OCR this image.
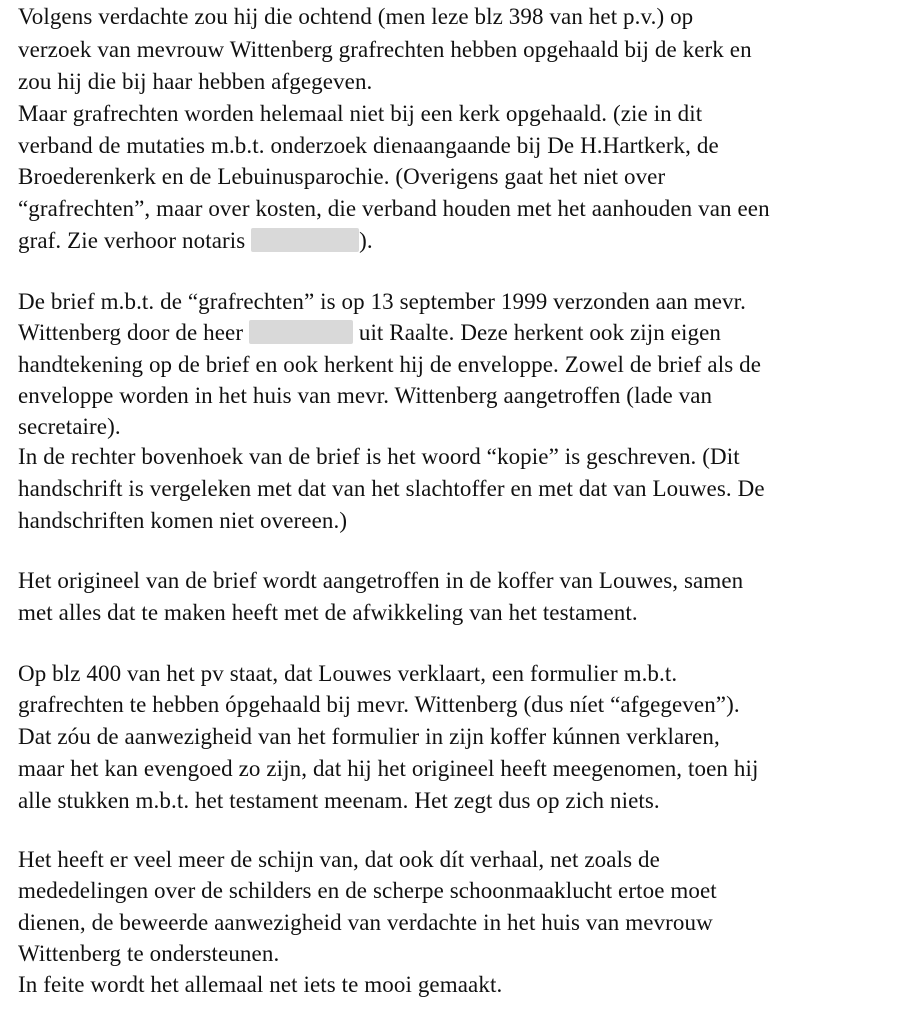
Volgens verdachte zou hij die ochtend (men leze blz 398 van het p.v.) op
verzoek van mevrouw Wittenberg grafrechten hebben opgehaald bij de kerk en
zou hij die bij haar hebben afgegeven.
Maar grafrechten worden helemaal niet bij een kerk opgehaald. (zie in dit
verband de mutaties m.b.t. onderzoek dienaangaande bij De H.Hartkerk, de
Broederenkerk en de Lebuinusparochie. (Overigens gaat het niet over
“grafrechten”, maar over kosten, die verband houden met het aanhouden van een
graf. Zie verhoor notaris	).
De brief m.b.t. de “grafrechten” is op 13 september 1999 verzonden aan mevr.
Wittenberg door de heer	uit Raalte. Deze herkent ook zijn eigen
handtekening op de brief en ook herkent hij de enveloppe. Zowel de brief als de
enveloppe worden in het huis van mevr. Wittenberg aangetroffen (lade van
secretaire).
In de rechter bovenhoek van de brief is het woord “kopie” is geschreven. (Dit
handschrift is vergeleken met dat van het slachtoffer en met dat van Louwes. De
handschriften komen niet overeen.)
Het origineel van de brief wordt aangetroffen in de koffer van Louwes, samen
met alles dat te maken heeft met de afwikkeling van het testament.
Op blz 400 van het pv staat, dat Louwes verklaart, een formulier m.b.t.
grafrechten te hebben ópgehaald bij mevr. Wittenberg (dus níet “afgegeven”).
Dat zóu de aanwezigheid van het formulier in zijn koffer kúnnen verklaren,
maar het kan evengoed zo zijn, dat hij het origineel heeft meegenomen, toen hij
alle stukken m.b.t. het testament meenam. Het zegt dus op zich niets.
Het heeft er veel meer de schijn van, dat ook dít verhaal, net zoals de
mededelingen over de schilders en de scherpe schoonmaaklucht ertoe moet
dienen, de beweerde aanwezigheid van verdachte in het huis van mevrouw
Wittenberg te ondersteunen.
In feite wordt het allemaal net iets te mooi gemaakt.
